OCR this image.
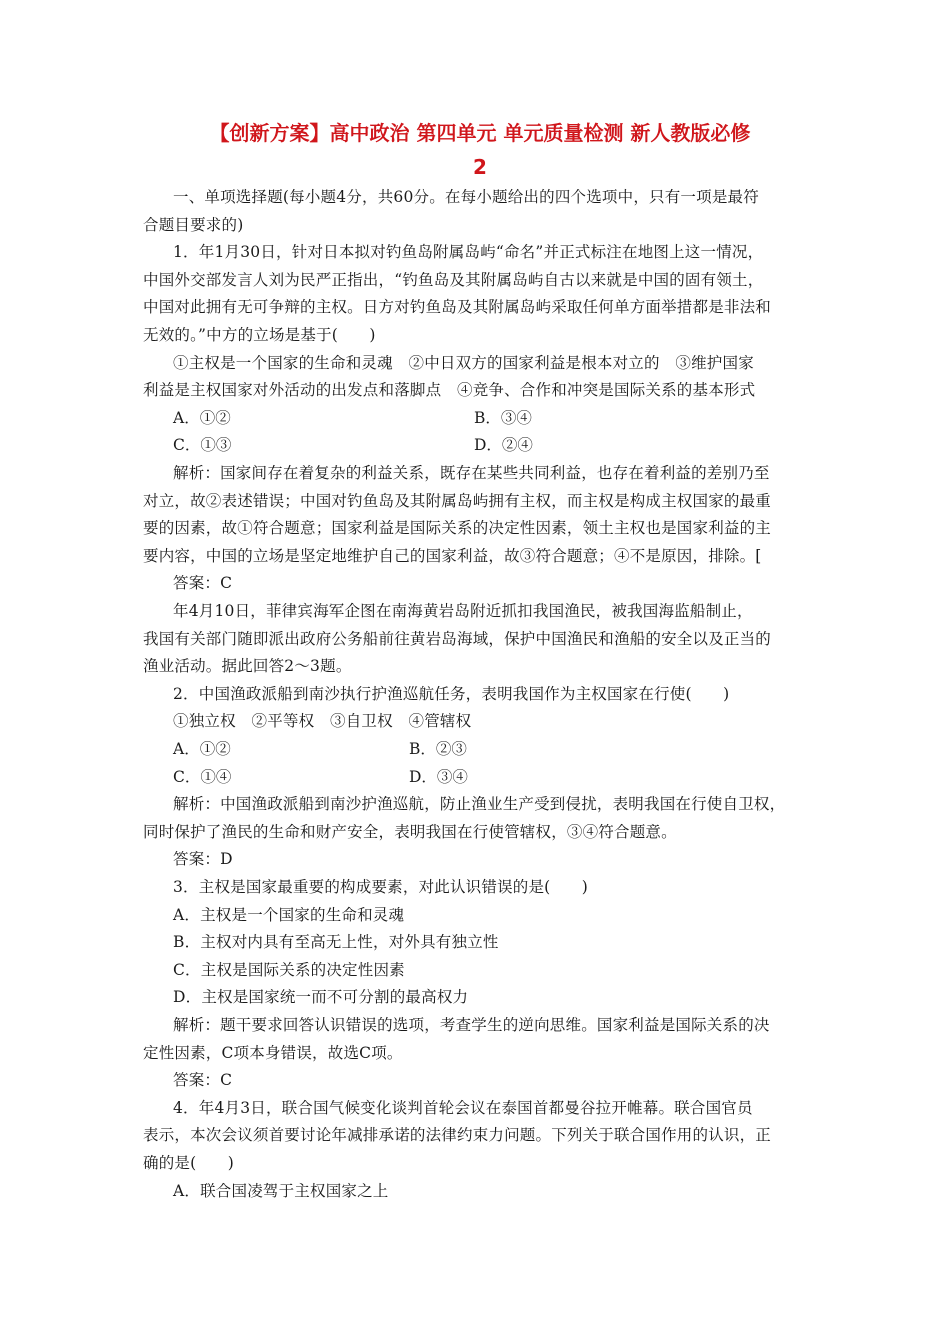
【创新方案】高中政治 第四单元 单元质量检测 新人教版必修
2
一、单项选择题(每小题4分，共60分。在每小题给出的四个选项中，只有一项是最符
合题目要求的)
1．年1月30日，针对日本拟对钓鱼岛附属岛屿“命名”并正式标注在地图上这一情况，
中国外交部发言人刘为民严正指出，“钓鱼岛及其附属岛屿自古以来就是中国的固有领土，
中国对此拥有无可争辩的主权。日方对钓鱼岛及其附属岛屿采取任何单方面举措都是非法和
无效的。”中方的立场是基于(　　)
①主权是一个国家的生命和灵魂　②中日双方的国家利益是根本对立的　③维护国家
利益是主权国家对外活动的出发点和落脚点　④竞争、合作和冲突是国际关系的基本形式
A．①②	B．③④
C．①③	D．②④
解析：国家间存在着复杂的利益关系，既存在某些共同利益，也存在着利益的差别乃至
对立，故②表述错误；中国对钓鱼岛及其附属岛屿拥有主权，而主权是构成主权国家的最重
要的因素，故①符合题意；国家利益是国际关系的决定性因素，领土主权也是国家利益的主
要内容，中国的立场是坚定地维护自己的国家利益，故③符合题意；④不是原因，排除。[
答案：C
年4月10日，菲律宾海军企图在南海黄岩岛附近抓扣我国渔民，被我国海监船制止，
我国有关部门随即派出政府公务船前往黄岩岛海域，保护中国渔民和渔船的安全以及正当的
渔业活动。据此回答2～3题。
2．中国渔政派船到南沙执行护渔巡航任务，表明我国作为主权国家在行使(　　)
①独立权　②平等权　③自卫权　④管辖权
A．①②	B．②③
C．①④	D．③④
解析：中国渔政派船到南沙护渔巡航，防止渔业生产受到侵扰，表明我国在行使自卫权，
同时保护了渔民的生命和财产安全，表明我国在行使管辖权，③④符合题意。
答案：D
3．主权是国家最重要的构成要素，对此认识错误的是(　　)
A．主权是一个国家的生命和灵魂
B．主权对内具有至高无上性，对外具有独立性
C．主权是国际关系的决定性因素
D．主权是国家统一而不可分割的最高权力
解析：题干要求回答认识错误的选项，考查学生的逆向思维。国家利益是国际关系的决
定性因素，C项本身错误，故选C项。
答案：C
4．年4月3日，联合国气候变化谈判首轮会议在泰国首都曼谷拉开帷幕。联合国官员
表示，本次会议须首要讨论年减排承诺的法律约束力问题。下列关于联合国作用的认识，正
确的是(　　)
A．联合国凌驾于主权国家之上
